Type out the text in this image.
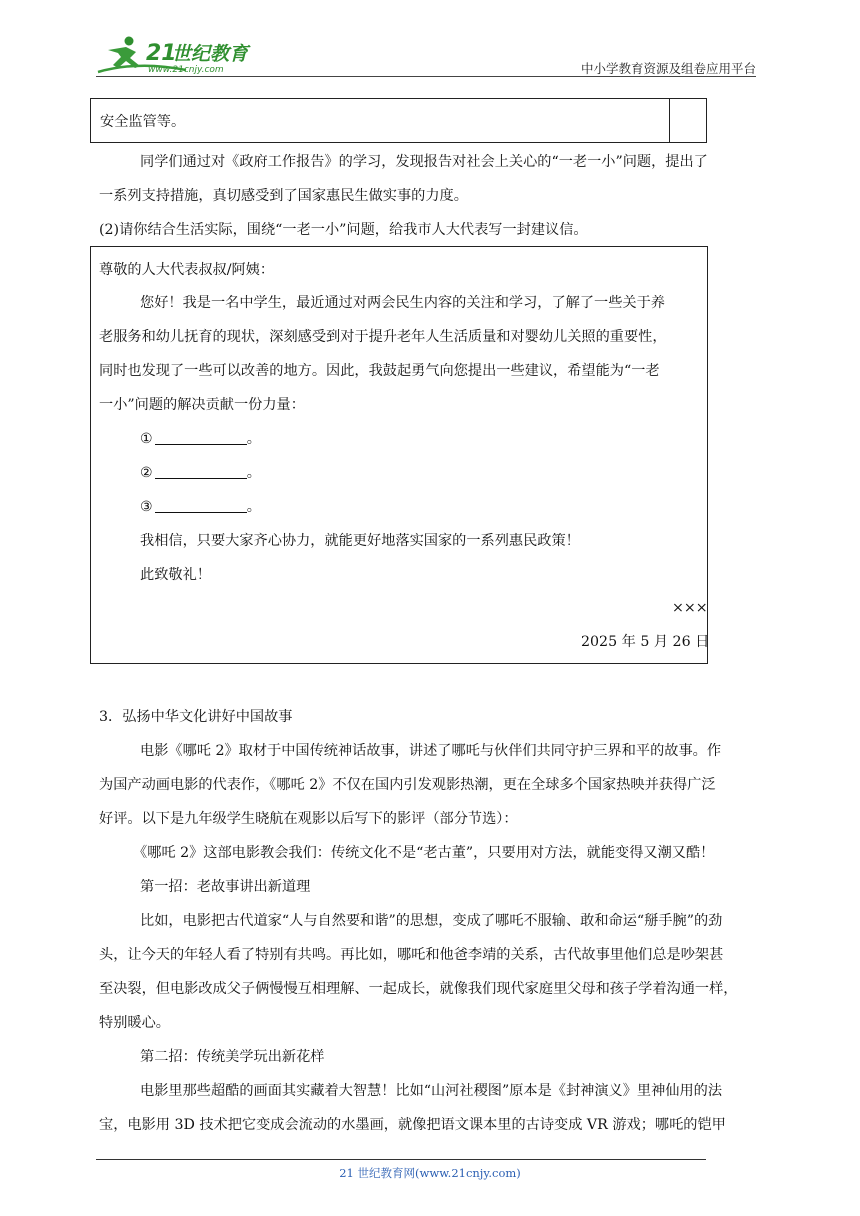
21
世纪教育
www.21cnjy.com	中小学教育资源及组卷应用平台
安全监管等。
同学们通过对《政府工作报告》的学习，发现报告对社会上关心的“一老一小”问题，提出了
一系列支持措施，真切感受到了国家惠民生做实事的力度。
(2)请你结合生活实际，围绕“一老一小”问题，给我市人大代表写一封建议信。
尊敬的人大代表叔叔/阿姨：
您好！我是一名中学生，最近通过对两会民生内容的关注和学习，了解了一些关于养
老服务和幼儿抚育的现状，深刻感受到对于提升老年人生活质量和对婴幼儿关照的重要性，
同时也发现了一些可以改善的地方。因此，我鼓起勇气向您提出一些建议，希望能为“一老
一小”问题的解决贡献一份力量：
①	。
②	。
③	。
我相信，只要大家齐心协力，就能更好地落实国家的一系列惠民政策！
此致敬礼！
×××
2025 年 5 月 26 日
3．弘扬中华文化讲好中国故事
电影《哪吒 2》取材于中国传统神话故事，讲述了哪吒与伙伴们共同守护三界和平的故事。作
为国产动画电影的代表作，《哪吒 2》不仅在国内引发观影热潮，更在全球多个国家热映并获得广泛
好评。以下是九年级学生晓航在观影以后写下的影评（部分节选）：
《哪吒 2》这部电影教会我们：传统文化不是“老古董”，只要用对方法，就能变得又潮又酷！
第一招：老故事讲出新道理
比如，电影把古代道家“人与自然要和谐”的思想，变成了哪吒不服输、敢和命运“掰手腕”的劲
头，让今天的年轻人看了特别有共鸣。再比如，哪吒和他爸李靖的关系，古代故事里他们总是吵架甚
至决裂，但电影改成父子俩慢慢互相理解、一起成长，就像我们现代家庭里父母和孩子学着沟通一样，
特别暖心。
第二招：传统美学玩出新花样
电影里那些超酷的画面其实藏着大智慧！比如“山河社稷图”原本是《封神演义》里神仙用的法
宝，电影用 3D 技术把它变成会流动的水墨画，就像把语文课本里的古诗变成 VR 游戏；哪吒的铠甲
21 世纪教育网(www.21cnjy.com)
